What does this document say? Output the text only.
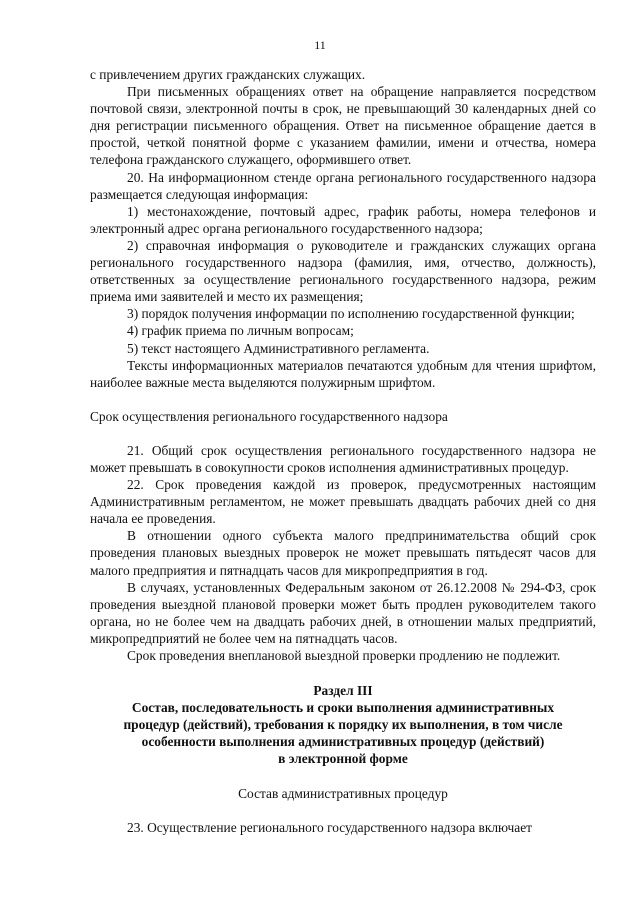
11

с привлечением других гражданских служащих.

При письменных обращениях ответ на обращение направляется посредством почтовой связи, электронной почты в срок, не превышающий 30 календарных дней со дня регистрации письменного обращения. Ответ на письменное обращение дается в простой, четкой понятной форме с указанием фамилии, имени и отчества, номера телефона гражданского служащего, оформившего ответ.

20. На информационном стенде органа регионального государственного надзора размещается следующая информация:

1) местонахождение, почтовый адрес, график работы, номера телефонов и электронный адрес органа регионального государственного надзора;

2) справочная информация о руководителе и гражданских служащих органа регионального государственного надзора (фамилия, имя, отчество, должность), ответственных за осуществление регионального государственного надзора, режим приема ими заявителей и место их размещения;

3) порядок получения информации по исполнению государственной функции;

4) график приема по личным вопросам;

5) текст настоящего Административного регламента.

Тексты информационных материалов печатаются удобным для чтения шрифтом, наиболее важные места выделяются полужирным шрифтом.

Срок осуществления регионального государственного надзора

21. Общий срок осуществления регионального государственного надзора не может превышать в совокупности сроков исполнения административных процедур.

22. Срок проведения каждой из проверок, предусмотренных настоящим Административным регламентом, не может превышать двадцать рабочих дней со дня начала ее проведения.

В отношении одного субъекта малого предпринимательства общий срок проведения плановых выездных проверок не может превышать пятьдесят часов для малого предприятия и пятнадцать часов для микропредприятия в год.

В случаях, установленных Федеральным законом от 26.12.2008 № 294-ФЗ, срок проведения выездной плановой проверки может быть продлен руководителем такого органа, но не более чем на двадцать рабочих дней, в отношении малых предприятий, микропредприятий не более чем на пятнадцать часов.

Срок проведения внеплановой выездной проверки продлению не подлежит.

Раздел III
Состав, последовательность и сроки выполнения административных
процедур (действий), требования к порядку их выполнения, в том числе
особенности выполнения административных процедур (действий)
в электронной форме

Состав административных процедур

23. Осуществление регионального государственного надзора включает
